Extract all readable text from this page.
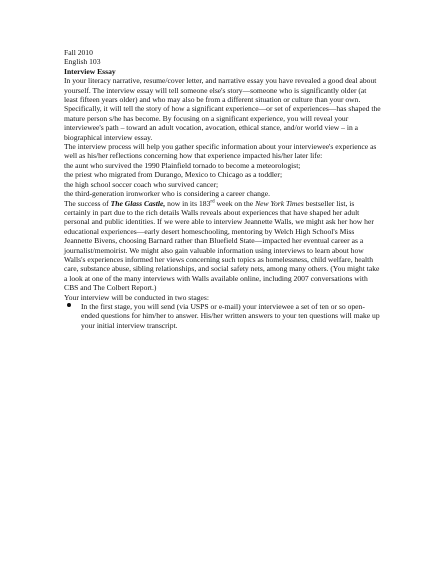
Fall 2010

English 103

Interview Essay

In your literacy narrative, resume/cover letter, and narrative essay you have revealed a good deal about yourself. The interview essay will tell someone else's story—someone who is significantly older (at least fifteen years older) and who may also be from a different situation or culture than your own. Specifically, it will tell the story of how a significant experience—or set of experiences—has shaped the mature person s/he has become. By focusing on a significant experience, you will reveal your interviewee's path – toward an adult vocation, avocation, ethical stance, and/or world view – in a biographical interview essay.

The interview process will help you gather specific information about your interviewee's experience as well as his/her reflections concerning how that experience impacted his/her later life:

the aunt who survived the 1990 Plainfield tornado to become a meteorologist;

the priest who migrated from Durango, Mexico to Chicago as a toddler;

the high school soccer coach who survived cancer;

the third-generation ironworker who is considering a career change.

The success of The Glass Castle, now in its 183rd week on the New York Times bestseller list, is certainly in part due to the rich details Walls reveals about experiences that have shaped her adult personal and public identities. If we were able to interview Jeannette Walls, we might ask her how her educational experiences—early desert homeschooling, mentoring by Welch High School's Miss Jeannette Bivens, choosing Barnard rather than Bluefield State—impacted her eventual career as a journalist/memoirist. We might also gain valuable information using interviews to learn about how Walls's experiences informed her views concerning such topics as homelessness, child welfare, health care, substance abuse, sibling relationships, and social safety nets, among many others. (You might take a look at one of the many interviews with Walls available online, including 2007 conversations with CBS and The Colbert Report.)

Your interview will be conducted in two stages:

In the first stage, you will send (via USPS or e-mail) your interviewee a set of ten or so open-ended questions for him/her to answer. His/her written answers to your ten questions will make up your initial interview transcript.
